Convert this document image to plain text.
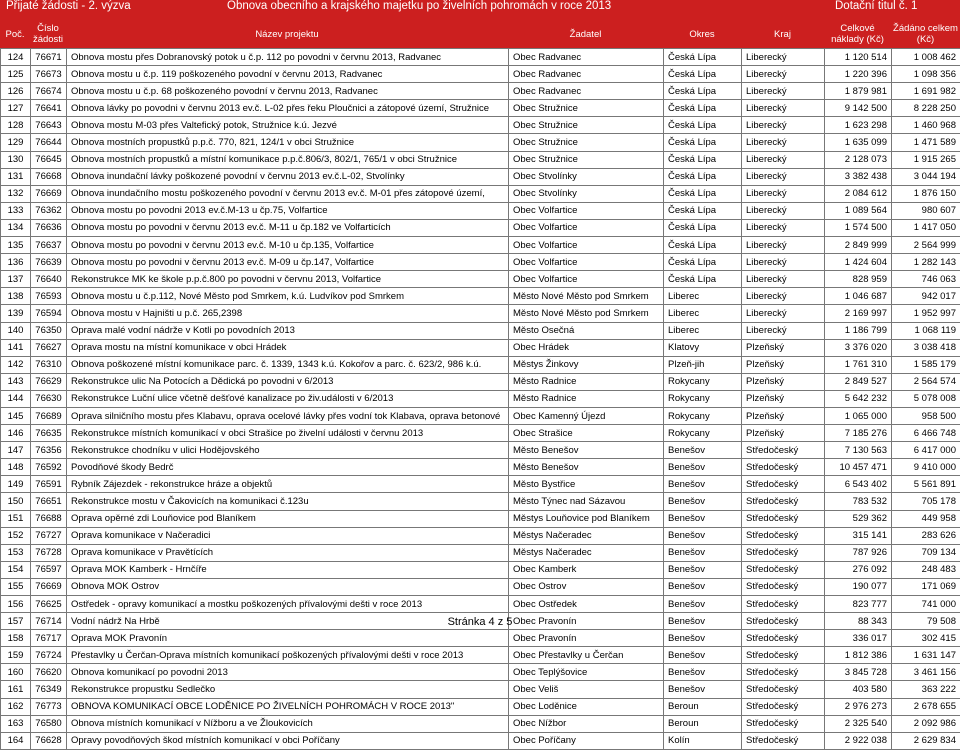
Přijaté žádosti - 2. výzva	Obnova obecního a krajského majetku po živelních pohromách v roce 2013	Dotační titul č. 1
Poč.	Číslo žádosti	Název projektu	Žadatel	Okres	Kraj	Celkové náklady (Kč)	Žádáno celkem (Kč)
124	76671	Obnova mostu přes Dobranovský potok u č.p. 112 po povodni v červnu 2013, Radvanec	Obec Radvanec	Česká Lípa	Liberecký	1 120 514	1 008 462
125	76673	Obnova mostu u č.p. 119 poškozeného povodní v červnu 2013, Radvanec	Obec Radvanec	Česká Lípa	Liberecký	1 220 396	1 098 356
126	76674	Obnova mostu u č.p. 68 poškozeného povodní v červnu 2013, Radvanec	Obec Radvanec	Česká Lípa	Liberecký	1 879 981	1 691 982
127	76641	Obnova lávky po povodni v červnu 2013 ev.č. L-02 přes řeku Ploučnici a zátopové území, Stružnice	Obec Stružnice	Česká Lípa	Liberecký	9 142 500	8 228 250
128	76643	Obnova mostu M-03 přes Valtefický potok, Stružnice k.ú. Jezvé	Obec Stružnice	Česká Lípa	Liberecký	1 623 298	1 460 968
129	76644	Obnova mostních propustků p.p.č. 770, 821, 124/1 v obci Stružnice	Obec Stružnice	Česká Lípa	Liberecký	1 635 099	1 471 589
130	76645	Obnova mostních propustků a místní komunikace p.p.č.806/3, 802/1, 765/1 v obci Stružnice	Obec Stružnice	Česká Lípa	Liberecký	2 128 073	1 915 265
131	76668	Obnova inundační lávky poškozené povodní v červnu 2013 ev.č.L-02, Stvolínky	Obec Stvolínky	Česká Lípa	Liberecký	3 382 438	3 044 194
132	76669	Obnova inundačního mostu poškozeného povodní v červnu 2013 ev.č. M-01 přes zátopové území,	Obec Stvolínky	Česká Lípa	Liberecký	2 084 612	1 876 150
133	76362	Obnova mostu po povodni 2013 ev.č.M-13 u čp.75, Volfartice	Obec Volfartice	Česká Lípa	Liberecký	1 089 564	980 607
134	76636	Obnova mostu po povodni v červnu 2013 ev.č. M-11 u čp.182 ve Volfarticích	Obec Volfartice	Česká Lípa	Liberecký	1 574 500	1 417 050
135	76637	Obnova mostu po povodni v červnu 2013 ev.č. M-10 u čp.135, Volfartice	Obec Volfartice	Česká Lípa	Liberecký	2 849 999	2 564 999
136	76639	Obnova mostu po povodni v červnu 2013 ev.č. M-09 u čp.147, Volfartice	Obec Volfartice	Česká Lípa	Liberecký	1 424 604	1 282 143
137	76640	Rekonstrukce MK ke škole p.p.č.800 po povodni v červnu 2013, Volfartice	Obec Volfartice	Česká Lípa	Liberecký	828 959	746 063
138	76593	Obnova mostu u č.p.112, Nové Město pod Smrkem, k.ú. Ludvíkov pod Smrkem	Město Nové Město pod Smrkem	Liberec	Liberecký	1 046 687	942 017
139	76594	Obnova mostu v Hajništi u p.č. 265,2398	Město Nové Město pod Smrkem	Liberec	Liberecký	2 169 997	1 952 997
140	76350	Oprava malé vodní nádrže v Kotli po povodních 2013	Město Osečná	Liberec	Liberecký	1 186 799	1 068 119
141	76627	Oprava mostu na místní komunikace v obci Hrádek	Obec Hrádek	Klatovy	Plzeňský	3 376 020	3 038 418
142	76310	Obnova poškozené místní komunikace parc. č. 1339, 1343 k.ú. Kokořov a parc. č. 623/2, 986 k.ú.	Městys Žinkovy	Plzeň-jih	Plzeňský	1 761 310	1 585 179
143	76629	Rekonstrukce ulic Na Potocích a Dědická po povodni v 6/2013	Město Radnice	Rokycany	Plzeňský	2 849 527	2 564 574
144	76630	Rekonstrukce Luční ulice včetně dešťové kanalizace po živ.události v 6/2013	Město Radnice	Rokycany	Plzeňský	5 642 232	5 078 008
145	76689	Oprava silničního mostu přes Klabavu, oprava ocelové lávky přes vodní tok Klabava, oprava betonové	Obec Kamenný Újezd	Rokycany	Plzeňský	1 065 000	958 500
146	76635	Rekonstrukce místních komunikací v obci Strašice po živelní události v červnu 2013	Obec Strašice	Rokycany	Plzeňský	7 185 276	6 466 748
147	76356	Rekonstrukce chodníku v ulici Hodějovského	Město Benešov	Benešov	Středočeský	7 130 563	6 417 000
148	76592	Povodňové škody Bedrč	Město Benešov	Benešov	Středočeský	10 457 471	9 410 000
149	76591	Rybník Zájezdek - rekonstrukce hráze a objektů	Město Bystřice	Benešov	Středočeský	6 543 402	5 561 891
150	76651	Rekonstrukce mostu v Čakovicích na komunikaci č.123u	Město Týnec nad Sázavou	Benešov	Středočeský	783 532	705 178
151	76688	Oprava opěrné zdi Louňovice pod Blaníkem	Městys Louňovice pod Blaníkem	Benešov	Středočeský	529 362	449 958
152	76727	Oprava komunikace v Načeradici	Městys Načeradec	Benešov	Středočeský	315 141	283 626
153	76728	Oprava komunikace v Pravětících	Městys Načeradec	Benešov	Středočeský	787 926	709 134
154	76597	Oprava MOK Kamberk - Hrnčíře	Obec Kamberk	Benešov	Středočeský	276 092	248 483
155	76669	Obnova MOK Ostrov	Obec Ostrov	Benešov	Středočeský	190 077	171 069
156	76625	Ostředek - opravy komunikací a mostku poškozených přívalovými dešti v roce 2013	Obec Ostředek	Benešov	Středočeský	823 777	741 000
157	76714	Vodní nádrž Na Hrbě	Obec Pravonín	Benešov	Středočeský	88 343	79 508
158	76717	Oprava MOK Pravonín	Obec Pravonín	Benešov	Středočeský	336 017	302 415
159	76724	Přestavlky u Čerčan-Oprava místních komunikací poškozených přívalovými dešti v roce 2013	Obec Přestavlky u Čerčan	Benešov	Středočeský	1 812 386	1 631 147
160	76620	Obnova komunikací po povodni 2013	Obec Teplýšovice	Benešov	Středočeský	3 845 728	3 461 156
161	76349	Rekonstrukce propustku Sedlečko	Obec Veliš	Benešov	Středočeský	403 580	363 222
162	76773	OBNOVA KOMUNIKACÍ OBCE LODĚNICE PO ŽIVELNÍCH POHROMÁCH V ROCE 2013"	Obec Loděnice	Beroun	Středočeský	2 976 273	2 678 655
163	76580	Obnova místních komunikací v Nížboru a ve Žloukovicích	Obec Nížbor	Beroun	Středočeský	2 325 540	2 092 986
164	76628	Opravy povodňových škod místních komunikací v obci Poříčany	Obec Poříčany	Kolín	Středočeský	2 922 038	2 629 834
Stránka 4 z 5
